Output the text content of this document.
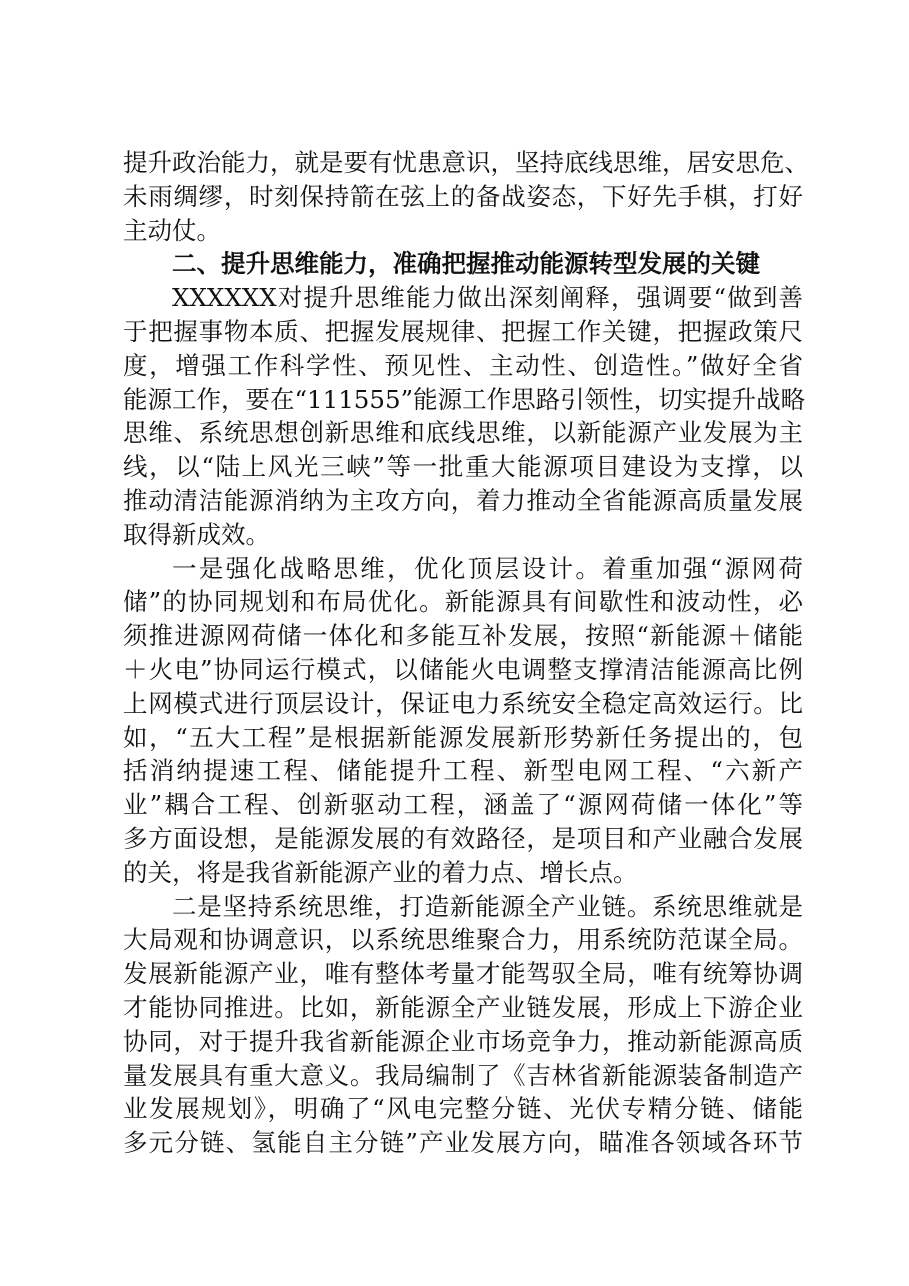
提升政治能力，就是要有忧患意识，坚持底线思维，居安思危、
未雨绸缪，时刻保持箭在弦上的备战姿态，下好先手棋，打好
主动仗。
二、提升思维能力，准确把握推动能源转型发展的关键
XXXXXX对提升思维能力做出深刻阐释，强调要“做到善
于把握事物本质、把握发展规律、把握工作关键，把握政策尺
度，增强工作科学性、预见性、主动性、创造性。”做好全省
能源工作，要在“111555”能源工作思路引领性，切实提升战略
思维、系统思想创新思维和底线思维，以新能源产业发展为主
线，以“陆上风光三峡”等一批重大能源项目建设为支撑，以
推动清洁能源消纳为主攻方向，着力推动全省能源高质量发展
取得新成效。
一是强化战略思维，优化顶层设计。着重加强“源网荷
储”的协同规划和布局优化。新能源具有间歇性和波动性，必
须推进源网荷储一体化和多能互补发展，按照“新能源＋储能
＋火电”协同运行模式，以储能火电调整支撑清洁能源高比例
上网模式进行顶层设计，保证电力系统安全稳定高效运行。比
如，“五大工程”是根据新能源发展新形势新任务提出的，包
括消纳提速工程、储能提升工程、新型电网工程、“六新产
业”耦合工程、创新驱动工程，涵盖了“源网荷储一体化”等
多方面设想，是能源发展的有效路径，是项目和产业融合发展
的关，将是我省新能源产业的着力点、增长点。
二是坚持系统思维，打造新能源全产业链。系统思维就是
大局观和协调意识，以系统思维聚合力，用系统防范谋全局。
发展新能源产业，唯有整体考量才能驾驭全局，唯有统筹协调
才能协同推进。比如，新能源全产业链发展，形成上下游企业
协同，对于提升我省新能源企业市场竞争力，推动新能源高质
量发展具有重大意义。我局编制了《吉林省新能源装备制造产
业发展规划》，明确了“风电完整分链、光伏专精分链、储能
多元分链、氢能自主分链”产业发展方向，瞄准各领域各环节
